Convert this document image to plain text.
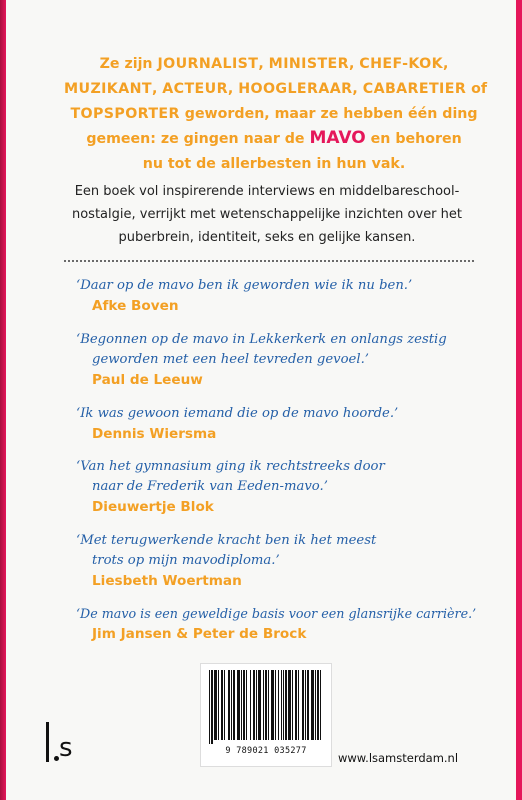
Ze zijn JOURNALIST, MINISTER, CHEF-KOK,
MUZIKANT, ACTEUR, HOOGLERAAR, CABARETIER of
TOPSPORTER geworden, maar ze hebben één ding
gemeen: ze gingen naar de MAVO en behoren
nu tot de allerbesten in hun vak.
Een boek vol inspirerende interviews en middelbareschool-
nostalgie, verrijkt met wetenschappelijke inzichten over het
puberbrein, identiteit, seks en gelijke kansen.
‘Daar op de mavo ben ik geworden wie ik nu ben.’
Afke Boven
‘Begonnen op de mavo in Lekkerkerk en onlangs zestig
geworden met een heel tevreden gevoel.’
Paul de Leeuw
‘Ik was gewoon iemand die op de mavo hoorde.’
Dennis Wiersma
‘Van het gymnasium ging ik rechtstreeks door
naar de Frederik van Eeden-mavo.’
Dieuwertje Blok
‘Met terugwerkende kracht ben ik het meest
trots op mijn mavodiploma.’
Liesbeth Woertman
‘De mavo is een geweldige basis voor een glansrijke carrière.’
Jim Jansen & Peter de Brock
9 789021 035277
s	www.lsamsterdam.nl
